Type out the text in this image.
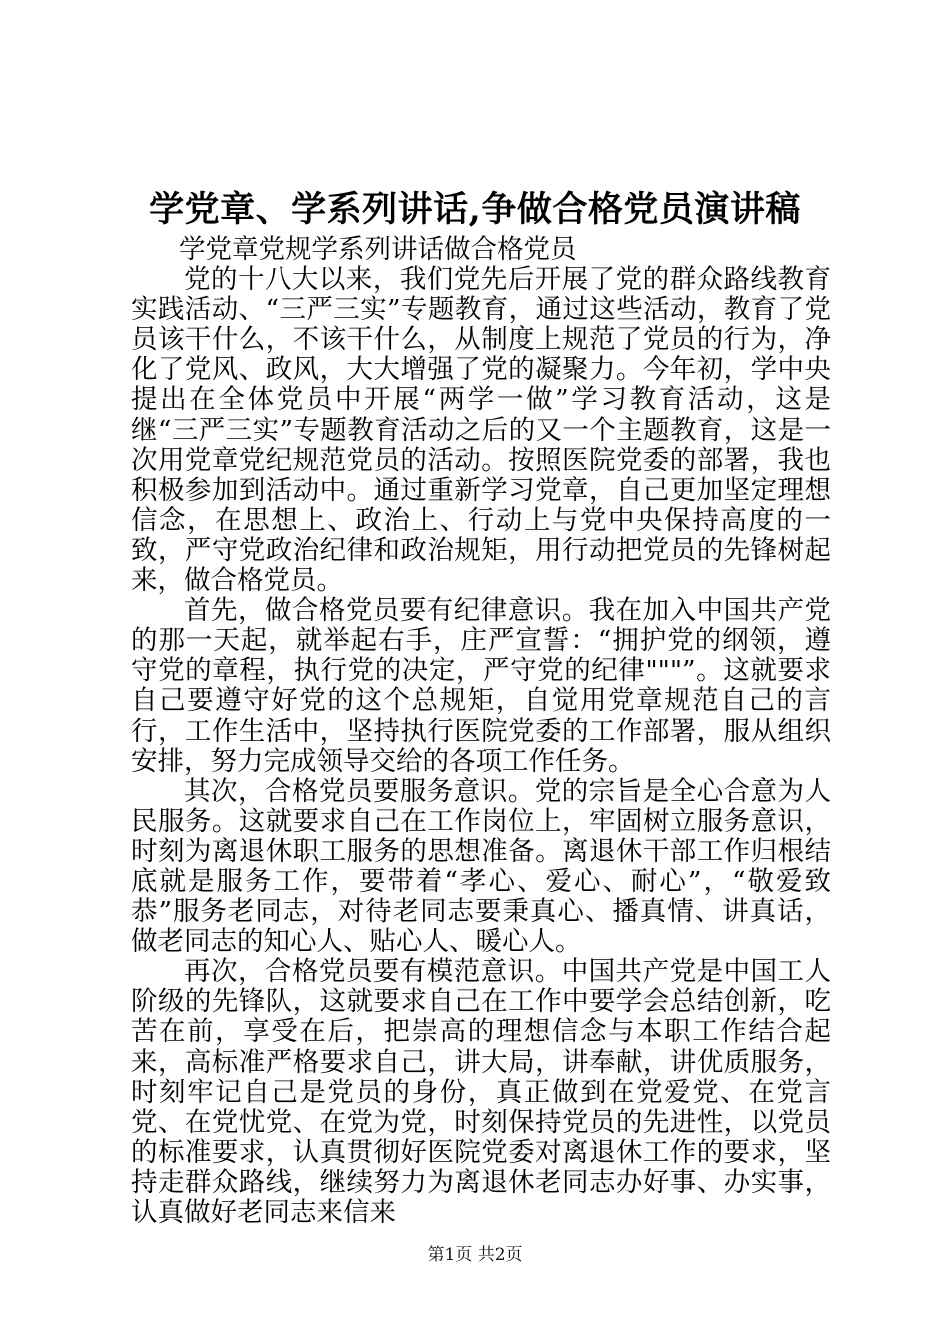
学党章、学系列讲话,争做合格党员演讲稿

学党章党规学系列讲话做合格党员

党的十八大以来，我们党先后开展了党的群众路线教育实践活动、“三严三实”专题教育，通过这些活动，教育了党员该干什么，不该干什么，从制度上规范了党员的行为，净化了党风、政风，大大增强了党的凝聚力。今年初，学中央提出在全体党员中开展“两学一做”学习教育活动，这是继“三严三实”专题教育活动之后的又一个主题教育，这是一次用党章党纪规范党员的活动。按照医院党委的部署，我也积极参加到活动中。通过重新学习党章，自己更加坚定理想信念，在思想上、政治上、行动上与党中央保持高度的一致，严守党政治纪律和政治规矩，用行动把党员的先锋树起来，做合格党员。

首先，做合格党员要有纪律意识。我在加入中国共产党的那一天起，就举起右手，庄严宣誓：“拥护党的纲领，遵守党的章程，执行党的决定，严守党的纪律"""”。这就要求自己要遵守好党的这个总规矩，自觉用党章规范自己的言行，工作生活中，坚持执行医院党委的工作部署，服从组织安排，努力完成领导交给的各项工作任务。

其次，合格党员要服务意识。党的宗旨是全心合意为人民服务。这就要求自己在工作岗位上，牢固树立服务意识，时刻为离退休职工服务的思想准备。离退休干部工作归根结底就是服务工作，要带着“孝心、爱心、耐心”，“敬爱致恭”服务老同志，对待老同志要秉真心、播真情、讲真话，做老同志的知心人、贴心人、暖心人。

再次，合格党员要有模范意识。中国共产党是中国工人阶级的先锋队，这就要求自己在工作中要学会总结创新，吃苦在前，享受在后，把崇高的理想信念与本职工作结合起来，高标准严格要求自己，讲大局，讲奉献，讲优质服务，时刻牢记自己是党员的身份，真正做到在党爱党、在党言党、在党忧党、在党为党，时刻保持党员的先进性，以党员的标准要求，认真贯彻好医院党委对离退休工作的要求，坚持走群众路线，继续努力为离退休老同志办好事、办实事，认真做好老同志来信来

第1页 共2页
